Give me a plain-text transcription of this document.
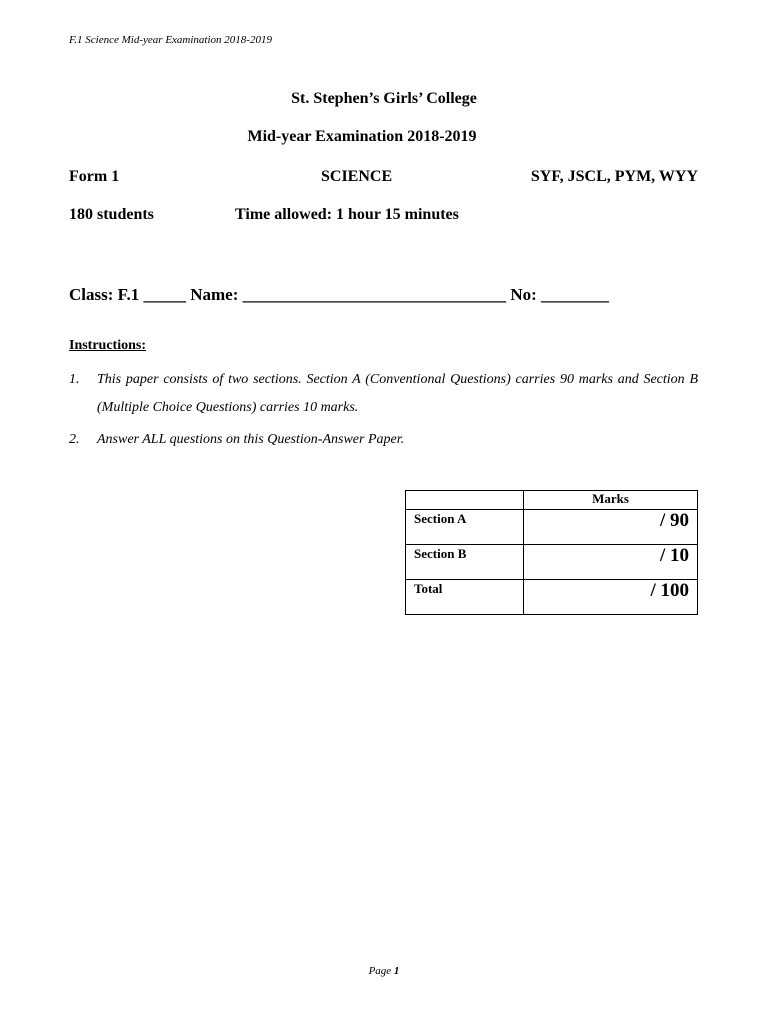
F.1 Science Mid-year Examination 2018-2019
St. Stephen’s Girls’ College
Mid-year Examination 2018-2019
Form 1	SCIENCE	SYF, JSCL, PYM, WYY
180 students	Time allowed: 1 hour 15 minutes
Class: F.1 _____ Name: _______________________________ No: ________
Instructions:
1. This paper consists of two sections. Section A (Conventional Questions) carries 90 marks and Section B (Multiple Choice Questions) carries 10 marks.
2. Answer ALL questions on this Question-Answer Paper.
	Marks
Section A	/ 90
Section B	/ 10
Total	/ 100
Page 1
